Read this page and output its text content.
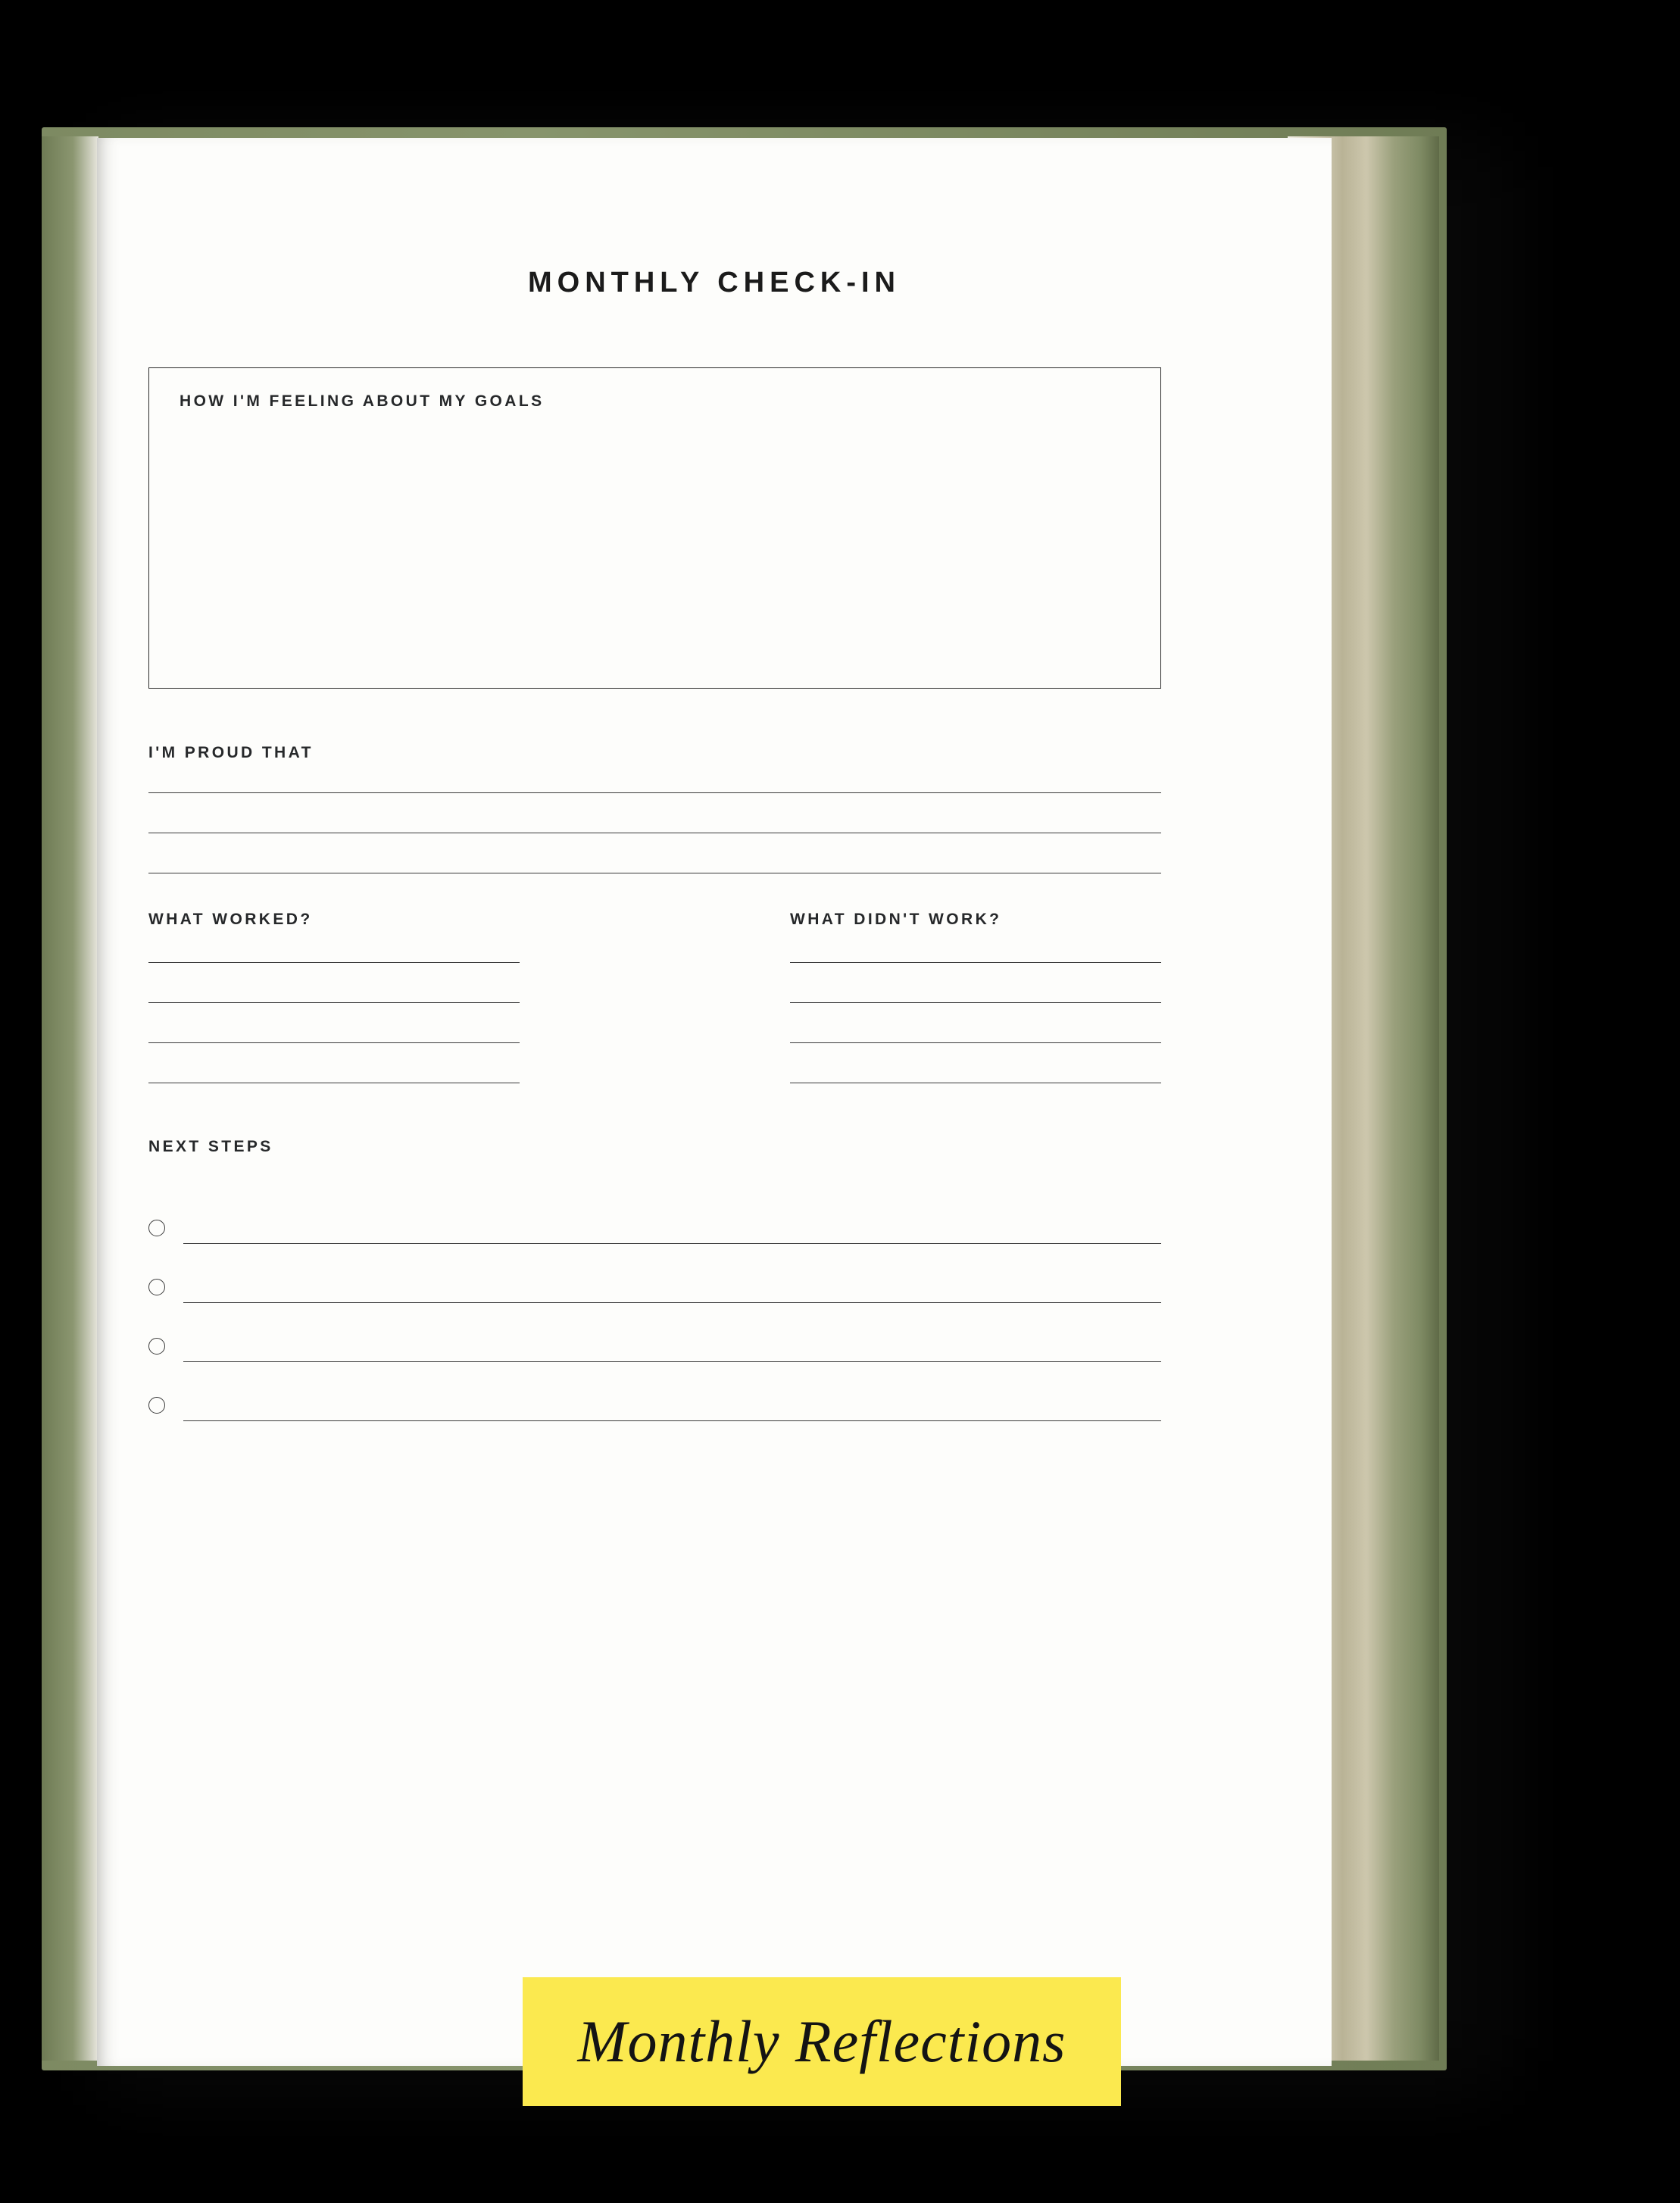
MONTHLY CHECK-IN
HOW I'M FEELING ABOUT MY GOALS
I'M PROUD THAT
WHAT WORKED?	WHAT DIDN'T WORK?
NEXT STEPS
Monthly Reflections
